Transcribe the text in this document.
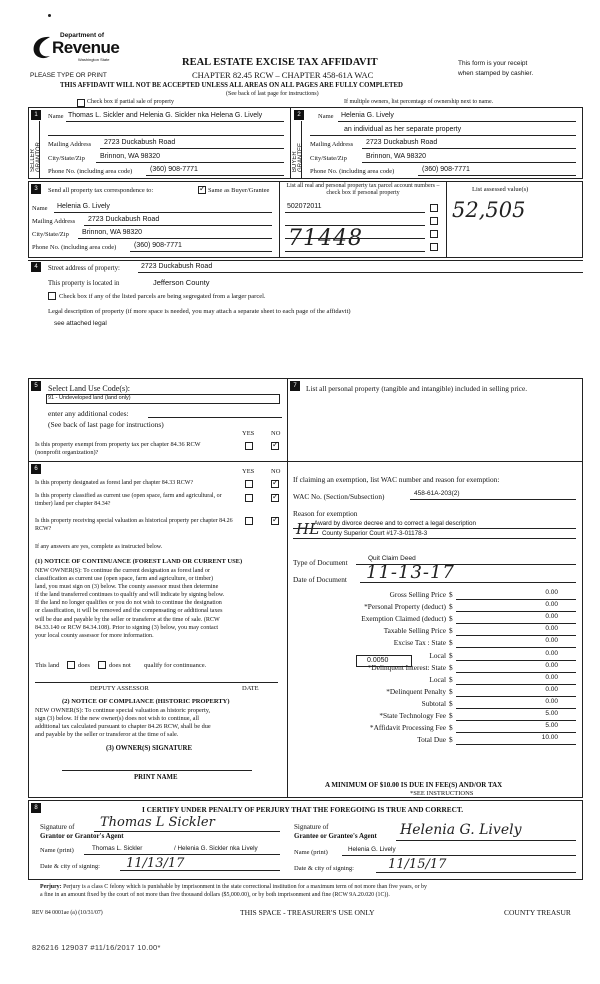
Department of
Revenue
Washington State
PLEASE TYPE OR PRINT
REAL ESTATE EXCISE TAX AFFIDAVIT
CHAPTER 82.45 RCW – CHAPTER 458-61A WAC
This form is your receipt
when stamped by cashier.
THIS AFFIDAVIT WILL NOT BE ACCEPTED UNLESS ALL AREAS ON ALL PAGES ARE FULLY COMPLETED
(See back of last page for instructions)
Check box if partial sale of property	If multiple owners, list percentage of ownership next to name.
1
SELLER GRANTOR
Name Thomas L. Sickler and Helenia G. Sickler nka Helena G. Lively
Mailing Address 2723 Duckabush Road
City/State/Zip Brinnon, WA 98320
Phone No. (including area code)	(360) 908-7771
2
BUYER GRANTEE
Name Helenia G. Lively
an individual as her separate property
Mailing Address 2723 Duckabush Road
City/State/Zip	Brinnon, WA 98320
Phone No. (including area code)	(360) 908-7771
3	Send all property tax correspondence to: ✓	Same as Buyer/Grantee
Name Helenia G. Lively
Mailing Address 2723 Duckabush Road
City/State/Zip Brinnon, WA 98320
Phone No. (including area code)	(360) 908-7771
List all real and personal property tax parcel account numbers – check box if personal property	List assessed value(s)
502072011	52,505
71448
4	Street address of property:	2723 Duckabush Road
This property is located in	Jefferson County
Check box if any of the listed parcels are being segregated from a larger parcel.
Legal description of property (if more space is needed, you may attach a separate sheet to each page of the affidavit)
see attached legal
5	Select Land Use Code(s):
91 - Undeveloped land (land only)
enter any additional codes:
(See back of last page for instructions)
YES	NO
Is this property exempt from property tax per chapter 84.36 RCW (nonprofit organization)?
✓
6	YES	NO
Is this property designated as forest land per chapter 84.33 RCW?
✓
Is this property classified as current use (open space, farm and agricultural, or timber) land per chapter 84.34?
✓
Is this property receiving special valuation as historical property per chapter 84.26 RCW?
✓
If any answers are yes, complete as instructed below.
(1) NOTICE OF CONTINUANCE (FOREST LAND OR CURRENT USE)
NEW OWNER(S): To continue the current designation as forest land or
classification as current use (open space, farm and agriculture, or timber)
land, you must sign on (3) below. The county assessor must then determine
if the land transferred continues to qualify and will indicate by signing below.
If the land no longer qualifies or you do not wish to continue the designation
or classification, it will be removed and the compensating or additional taxes
will be due and payable by the seller or transferor at the time of sale. (RCW
84.33.140 or RCW 84.34.108). Prior to signing (3) below, you may contact
your local county assessor for more information.
This land	does	does not qualify for continuance.
DEPUTY ASSESSOR	DATE
(2) NOTICE OF COMPLIANCE (HISTORIC PROPERTY)
NEW OWNER(S): To continue special valuation as historic property,
sign (3) below. If the new owner(s) does not wish to continue, all
additional tax calculated pursuant to chapter 84.26 RCW, shall be due
and payable by the seller or transferor at the time of sale.
(3) OWNER(S) SIGNATURE
PRINT NAME
7	List all personal property (tangible and intangible) included in selling price.
If claiming an exemption, list WAC number and reason for exemption:
WAC No. (Section/Subsection)	458-61A-203(2)
Reason for exemption
Award by divorce decree and to correct a legal description
County Superior Court #17-3-01178-3
HL
Type of Document	Quit Claim Deed
Date of Document 11-13-17
Gross Selling Price $	0.00
*Personal Property (deduct) $	0.00
Exemption Claimed (deduct) $	0.00
Taxable Selling Price $	0.00
Excise Tax : State $	0.00
Local $	0.00
*Delinquent Interest: State $	0.00
Local $	0.00
*Delinquent Penalty $	0.00
Subtotal $	0.00
*State Technology Fee $	5.00
*Affidavit Processing Fee $	5.00
Total Due $	10.00
0.0050
A MINIMUM OF $10.00 IS DUE IN FEE(S) AND/OR TAX
*SEE INSTRUCTIONS
8	I CERTIFY UNDER PENALTY OF PERJURY THAT THE FOREGOING IS TRUE AND CORRECT.
Signature of
Grantor or Grantor's Agent
Thomas L Sickler
Name (print)	Thomas L. Sickler	/ Helenia G. Sickler nka Lively
Date & city of signing: 11/13/17
Signature of
Grantee or Grantee's Agent Helenia G. Lively
Name (print)	Helenia G. Lively
Date & city of signing:	11/15/17
Perjury: Perjury is a class C felony which is punishable by imprisonment in the state correctional institution for a maximum term of not more than five years, or by
a fine in an amount fixed by the court of not more than five thousand dollars ($5,000.00), or by both imprisonment and fine (RCW 9A.20.020 (1C)).
REV 84 0001ae (a) (10/31/07)	THIS SPACE - TREASURER'S USE ONLY	COUNTY TREASUR
826216 129037 #11/16/2017 10.00*
